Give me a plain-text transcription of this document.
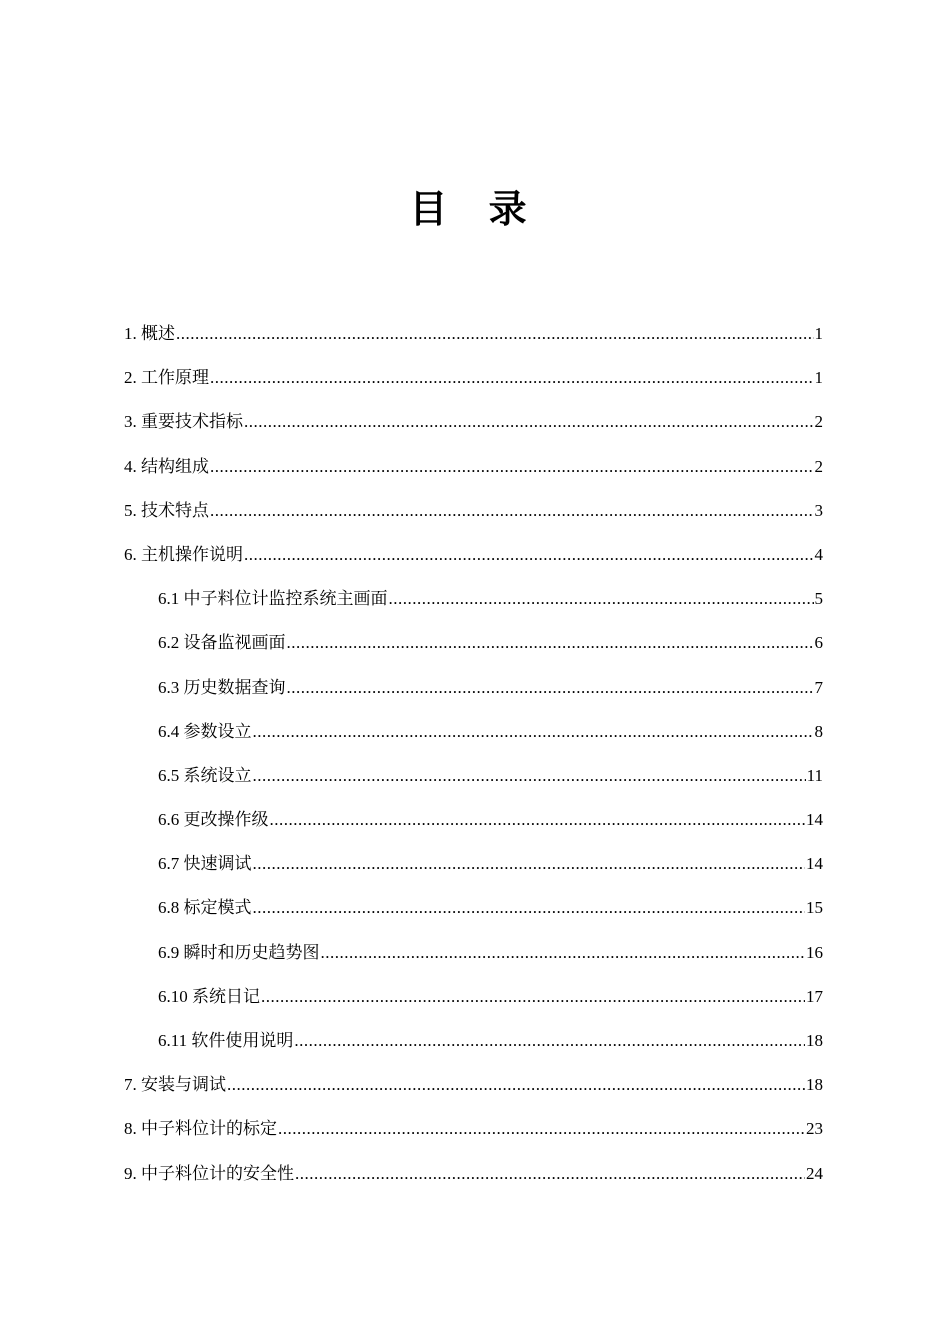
目 录
1. 概述 .....	1
2. 工作原理 .....	1
3. 重要技术指标 .....	2
4. 结构组成 .....	2
5. 技术特点 .....	3
6. 主机操作说明 .....	4
6.1 中子料位计监控系统主画面 .....	5
6.2 设备监视画面 .....	6
6.3 历史数据查询 .....	7
6.4 参数设立 .....	8
6.5 系统设立 .....	11
6.6 更改操作级 .....	14
6.7 快速调试 .....	14
6.8 标定模式 .....	15
6.9 瞬时和历史趋势图 .....	16
6.10 系统日记 .....	17
6.11 软件使用说明 .....	18
7. 安装与调试 .....	18
8. 中子料位计的标定 .....	23
9. 中子料位计的安全性 .....	24
